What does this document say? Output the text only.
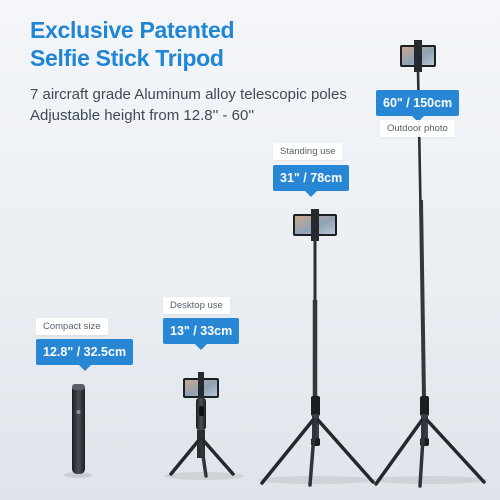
Exclusive Patented
Selfie Stick Tripod
7 aircraft grade Aluminum alloy telescopic poles
Adjustable height from 12.8'' - 60''
Compact size
12.8" / 32.5cm
Desktop use
13" / 33cm
Standing use
31" / 78cm
60" / 150cm
Outdoor photo
